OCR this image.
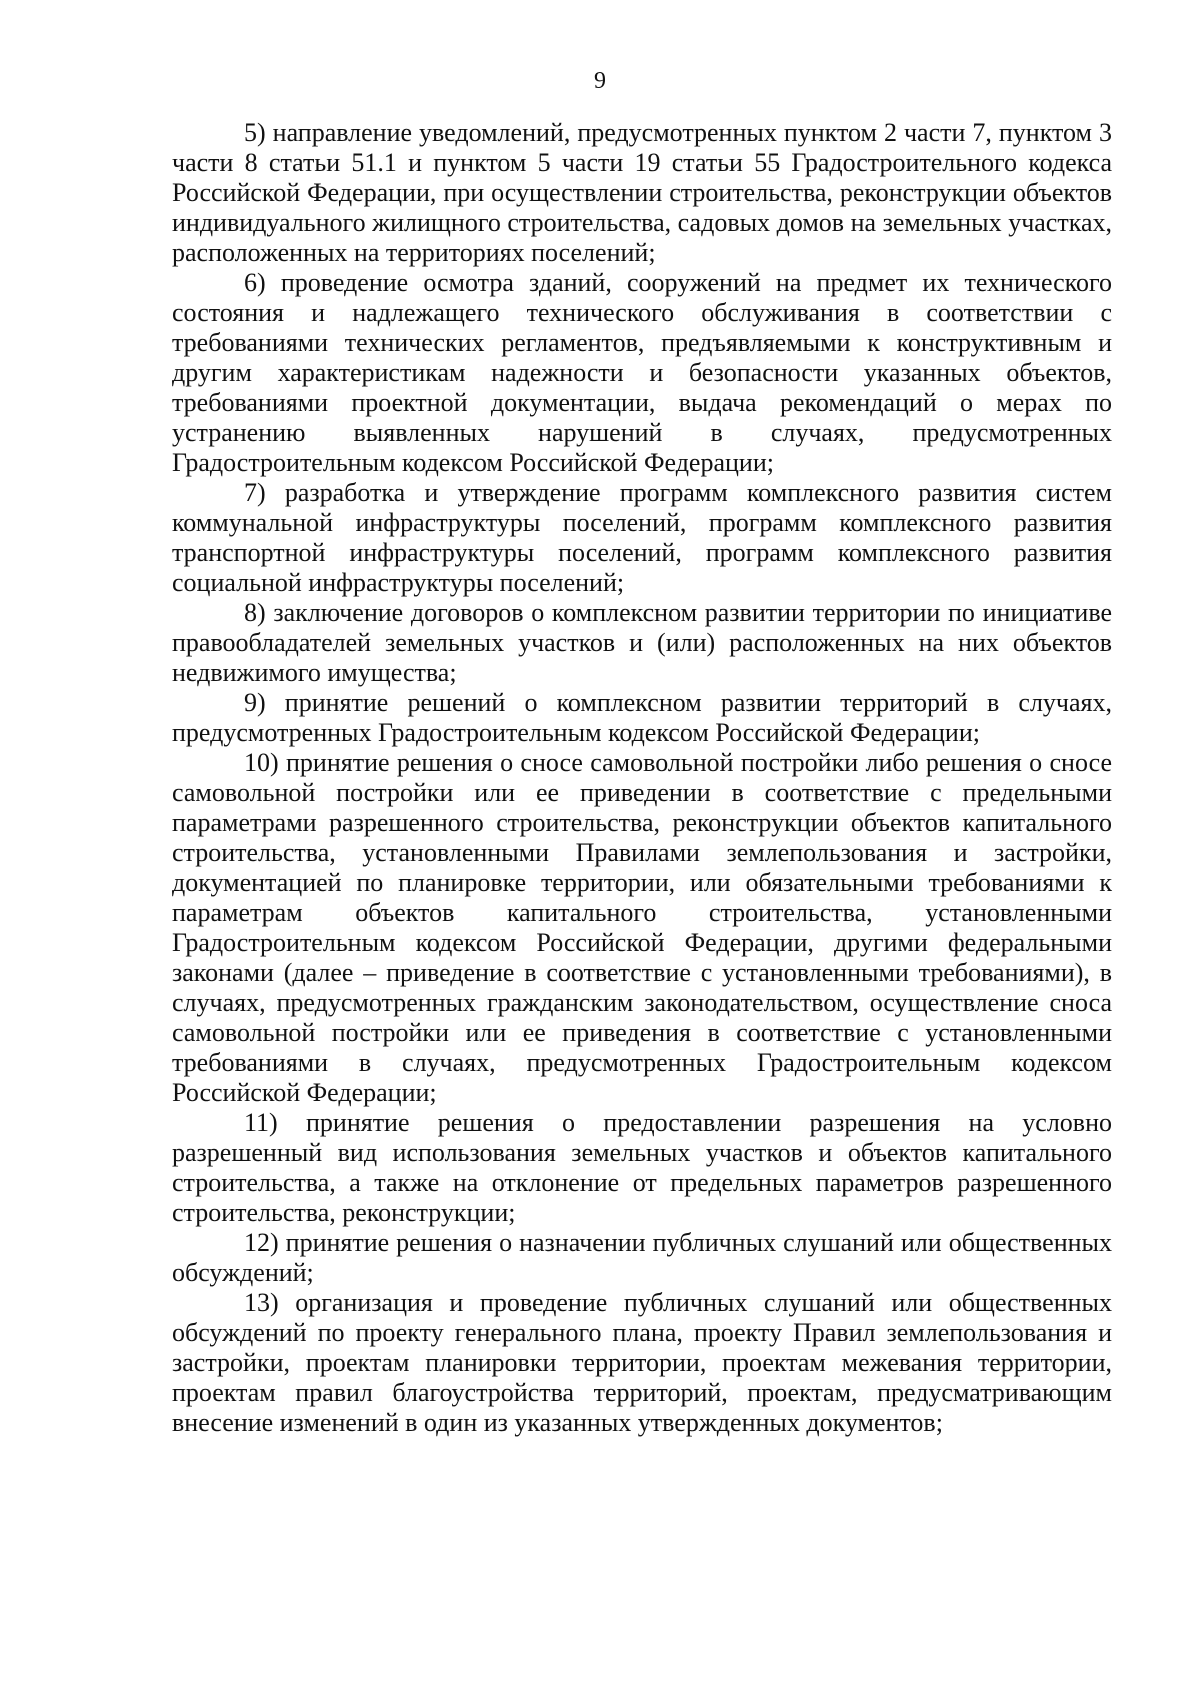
9

5) направление уведомлений, предусмотренных пунктом 2 части 7, пунктом 3 части 8 статьи 51.1 и пунктом 5 части 19 статьи 55 Градостроительного кодекса Российской Федерации, при осуществлении строительства, реконструкции объектов индивидуального жилищного строительства, садовых домов на земельных участках, расположенных на территориях поселений;

6) проведение осмотра зданий, сооружений на предмет их технического состояния и надлежащего технического обслуживания в соответствии с требованиями технических регламентов, предъявляемыми к конструктивным и другим характеристикам надежности и безопасности указанных объектов, требованиями проектной документации, выдача рекомендаций о мерах по устранению выявленных нарушений в случаях, предусмотренных Градостроительным кодексом Российской Федерации;

7) разработка и утверждение программ комплексного развития систем коммунальной инфраструктуры поселений, программ комплексного развития транспортной инфраструктуры поселений, программ комплексного развития социальной инфраструктуры поселений;

8) заключение договоров о комплексном развитии территории по инициативе правообладателей земельных участков и (или) расположенных на них объектов недвижимого имущества;

9) принятие решений о комплексном развитии территорий в случаях, предусмотренных Градостроительным кодексом Российской Федерации;

10) принятие решения о сносе самовольной постройки либо решения о сносе самовольной постройки или ее приведении в соответствие с предельными параметрами разрешенного строительства, реконструкции объектов капитального строительства, установленными Правилами землепользования и застройки, документацией по планировке территории, или обязательными требованиями к параметрам объектов капитального строительства, установленными Градостроительным кодексом Российской Федерации, другими федеральными законами (далее – приведение в соответствие с установленными требованиями), в случаях, предусмотренных гражданским законодательством, осуществление сноса самовольной постройки или ее приведения в соответствие с установленными требованиями в случаях, предусмотренных Градостроительным кодексом Российской Федерации;

11) принятие решения о предоставлении разрешения на условно разрешенный вид использования земельных участков и объектов капитального строительства, а также на отклонение от предельных параметров разрешенного строительства, реконструкции;

12) принятие решения о назначении публичных слушаний или общественных обсуждений;

13) организация и проведение публичных слушаний или общественных обсуждений по проекту генерального плана, проекту Правил землепользования и застройки, проектам планировки территории, проектам межевания территории, проектам правил благоустройства территорий, проектам, предусматривающим внесение изменений в один из указанных утвержденных документов;
